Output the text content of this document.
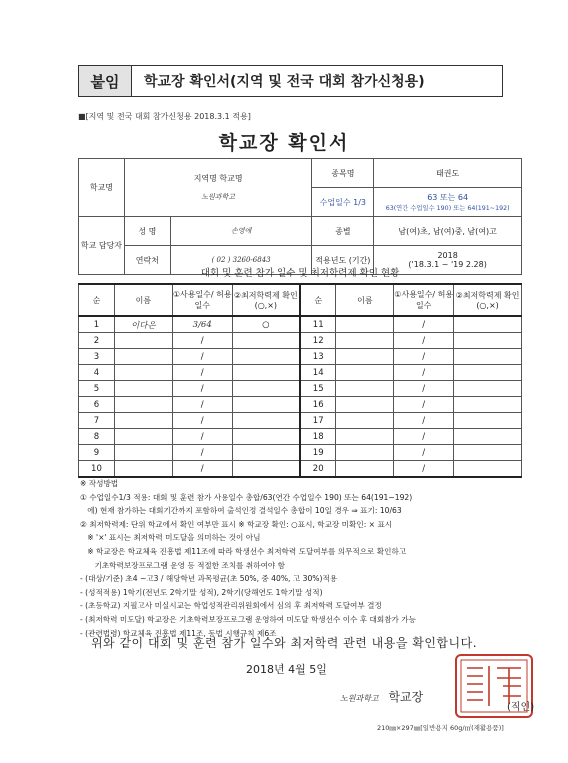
붙임	학교장 확인서(지역 및 전국 대회 참가신청용)
■[지역 및 전국 대회 참가신청용 2018.3.1 적용]
학교장 확인서
학교명	지역명 학교명
노원과학고		종목명	태권도
			수업일수 1/3	63 또는 64
63(연간 수업일수 190) 또는 64(191~192)

학교 담당자	성 명	손영애	종별	남(여)초, 남(여)중, 남(여)고
	연락처	( 02 ) 3260-6843	적용년도 (기간)	2018
('18.3.1 ~ '19 2.28)
대회 및 훈련 참가 일수 및 최저학력제 확인 현황
순	이름	①사용일수/ 허용일수	②최저학력제 확인(○,×)	순	이름	①사용일수/ 허용일수	②최저학력제 확인(○,×)
1	이다은	3/64	○	11		/	
2		/		12		/	
3		/		13		/	
4		/		14		/	
5		/		15		/	
6		/		16		/	
7		/		17		/	
8		/		18		/	
9		/		19		/	
10		/		20		/	
※ 작성방법
① 수업일수1/3 적용: 대회 및 훈련 참가 사용일수 총합/63(연간 수업일수 190) 또는 64(191~192)
에) 현재 참가하는 대회기간까지 포함하여 출석인정 결석일수 총합이 10일 경우 ⇒ 표기: 10/63
② 최저학력제: 단위 학교에서 확인 여부만 표시 ※ 학교장 확인: ○표시, 학교장 미확인: × 표시
※ '×' 표시는 최저학력 미도달을 의미하는 것이 아님
※ 학교장은 학교체육 진흥법 제11조에 따라 학생선수 최저학력 도달여부를 의무적으로 확인하고
기초학력보장프로그램 운영 등 적절한 조치를 취하여야 함
- (대상/기준) 초4 ~고3 / 해당학년 과목평균(초 50%, 중 40%, 고 30%)적용
- (성적적용) 1학기(전년도 2학기말 성적), 2학기(당해연도 1학기말 성적)
- (초등학교) 지필고사 미실시교는 학업성적관리위원회에서 심의 후 최저학력 도달여부 결정
- (최저학력 미도달) 학교장은 기초학력보장프로그램 운영하여 미도달 학생선수 이수 후 대회참가 가능
- (관련법령) 학교체육 진흥법 제11조, 동법 시행규칙 제6조
위와 같이 대회 및 훈련 참가 일수와 최저학력 관련 내용을 확인합니다.
2018년 4월 5일
노원과학고 학교장
(직인)
210㎜×297㎜[일반용지 60g/㎡(재활용품)]
